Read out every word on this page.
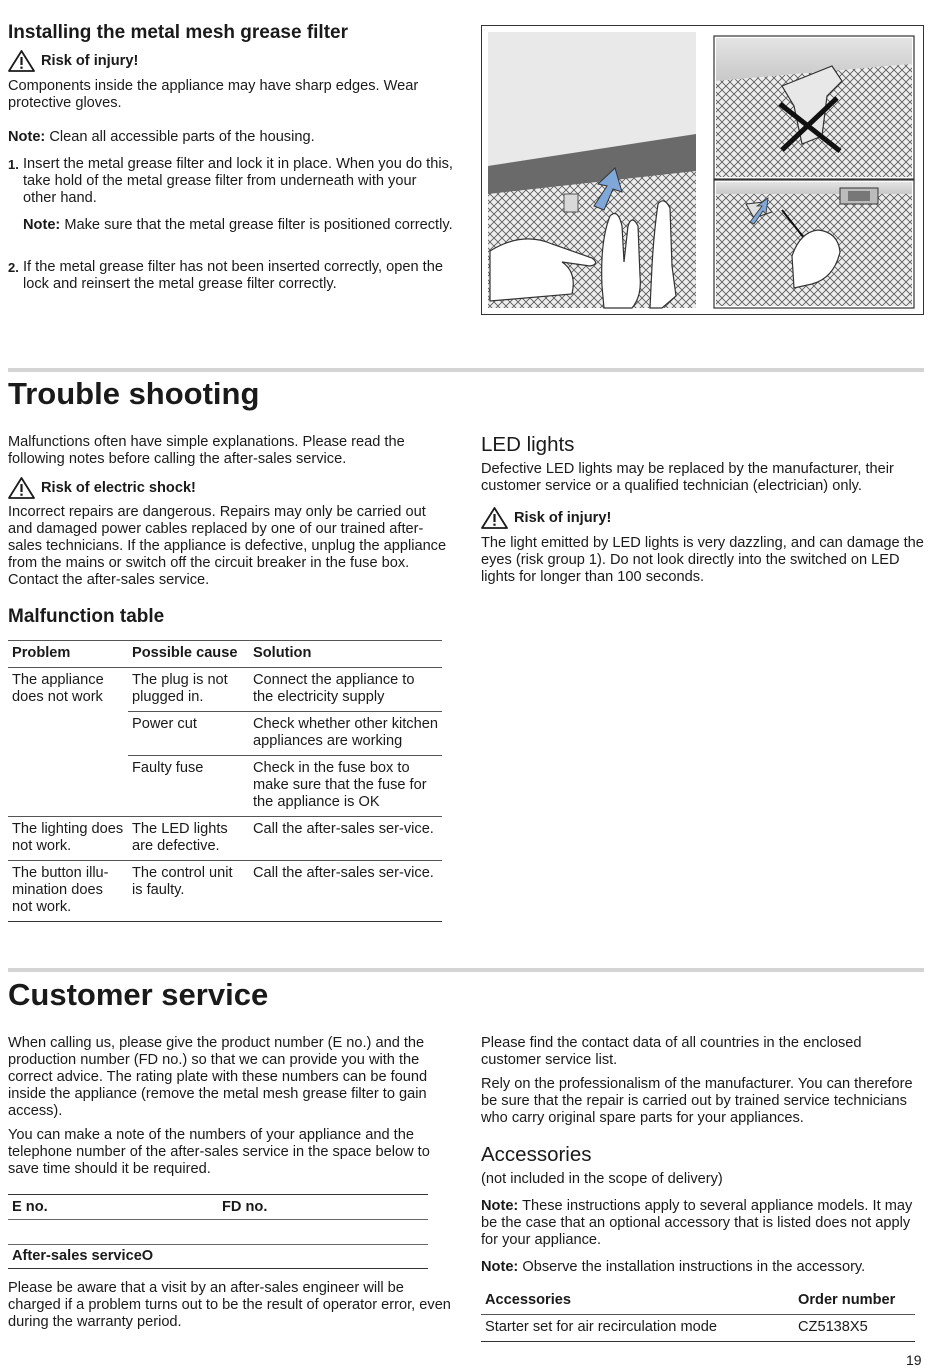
Installing the metal mesh grease filter
Risk of injury!

Components inside the appliance may have sharp edges. Wear protective gloves.

Note: Clean all accessible parts of the housing.

1. Insert the metal grease filter and lock it in place. When you do this, take hold of the metal grease filter from underneath with your other hand.

Note: Make sure that the metal grease filter is positioned correctly.

2. If the metal grease filter has not been inserted correctly, open the lock and reinsert the metal grease filter correctly.

Trouble shooting

Malfunctions often have simple explanations. Please read the following notes before calling the after-sales service.

Risk of electric shock!

Incorrect repairs are dangerous. Repairs may only be carried out and damaged power cables replaced by one of our trained after-sales technicians. If the appliance is defective, unplug the appliance from the mains or switch off the circuit breaker in the fuse box. Contact the after-sales service.

Malfunction table
Problem	Possible cause	Solution
The appliance does not work	The plug is not plugged in.	Connect the appliance to the electricity supply
	Power cut	Check whether other kitchen appliances are working
	Faulty fuse	Check in the fuse box to make sure that the fuse for the appliance is OK
The lighting does not work.	The LED lights are defective.	Call the after-sales ser-vice.
The button illu-mination does not work.	The control unit is faulty.	Call the after-sales ser-vice.
LED lights

Defective LED lights may be replaced by the manufacturer, their customer service or a qualified technician (electrician) only.

Risk of injury!

The light emitted by LED lights is very dazzling, and can damage the eyes (risk group 1). Do not look directly into the switched on LED lights for longer than 100 seconds.

Customer service

When calling us, please give the product number (E no.) and the production number (FD no.) so that we can provide you with the correct advice. The rating plate with these numbers can be found inside the appliance (remove the metal mesh grease filter to gain access).

You can make a note of the numbers of your appliance and the telephone number of the after-sales service in the space below to save time should it be required.

E no.	FD no.
After-sales serviceO

Please be aware that a visit by an after-sales engineer will be charged if a problem turns out to be the result of operator error, even during the warranty period.

Please find the contact data of all countries in the enclosed customer service list.

Rely on the professionalism of the manufacturer. You can therefore be sure that the repair is carried out by trained service technicians who carry original spare parts for your appliances.

Accessories

(not included in the scope of delivery)

Note: These instructions apply to several appliance models. It may be the case that an optional accessory that is listed does not apply for your appliance.

Note: Observe the installation instructions in the accessory.

Accessories	Order number
Starter set for air recirculation mode	CZ5138X5
19
